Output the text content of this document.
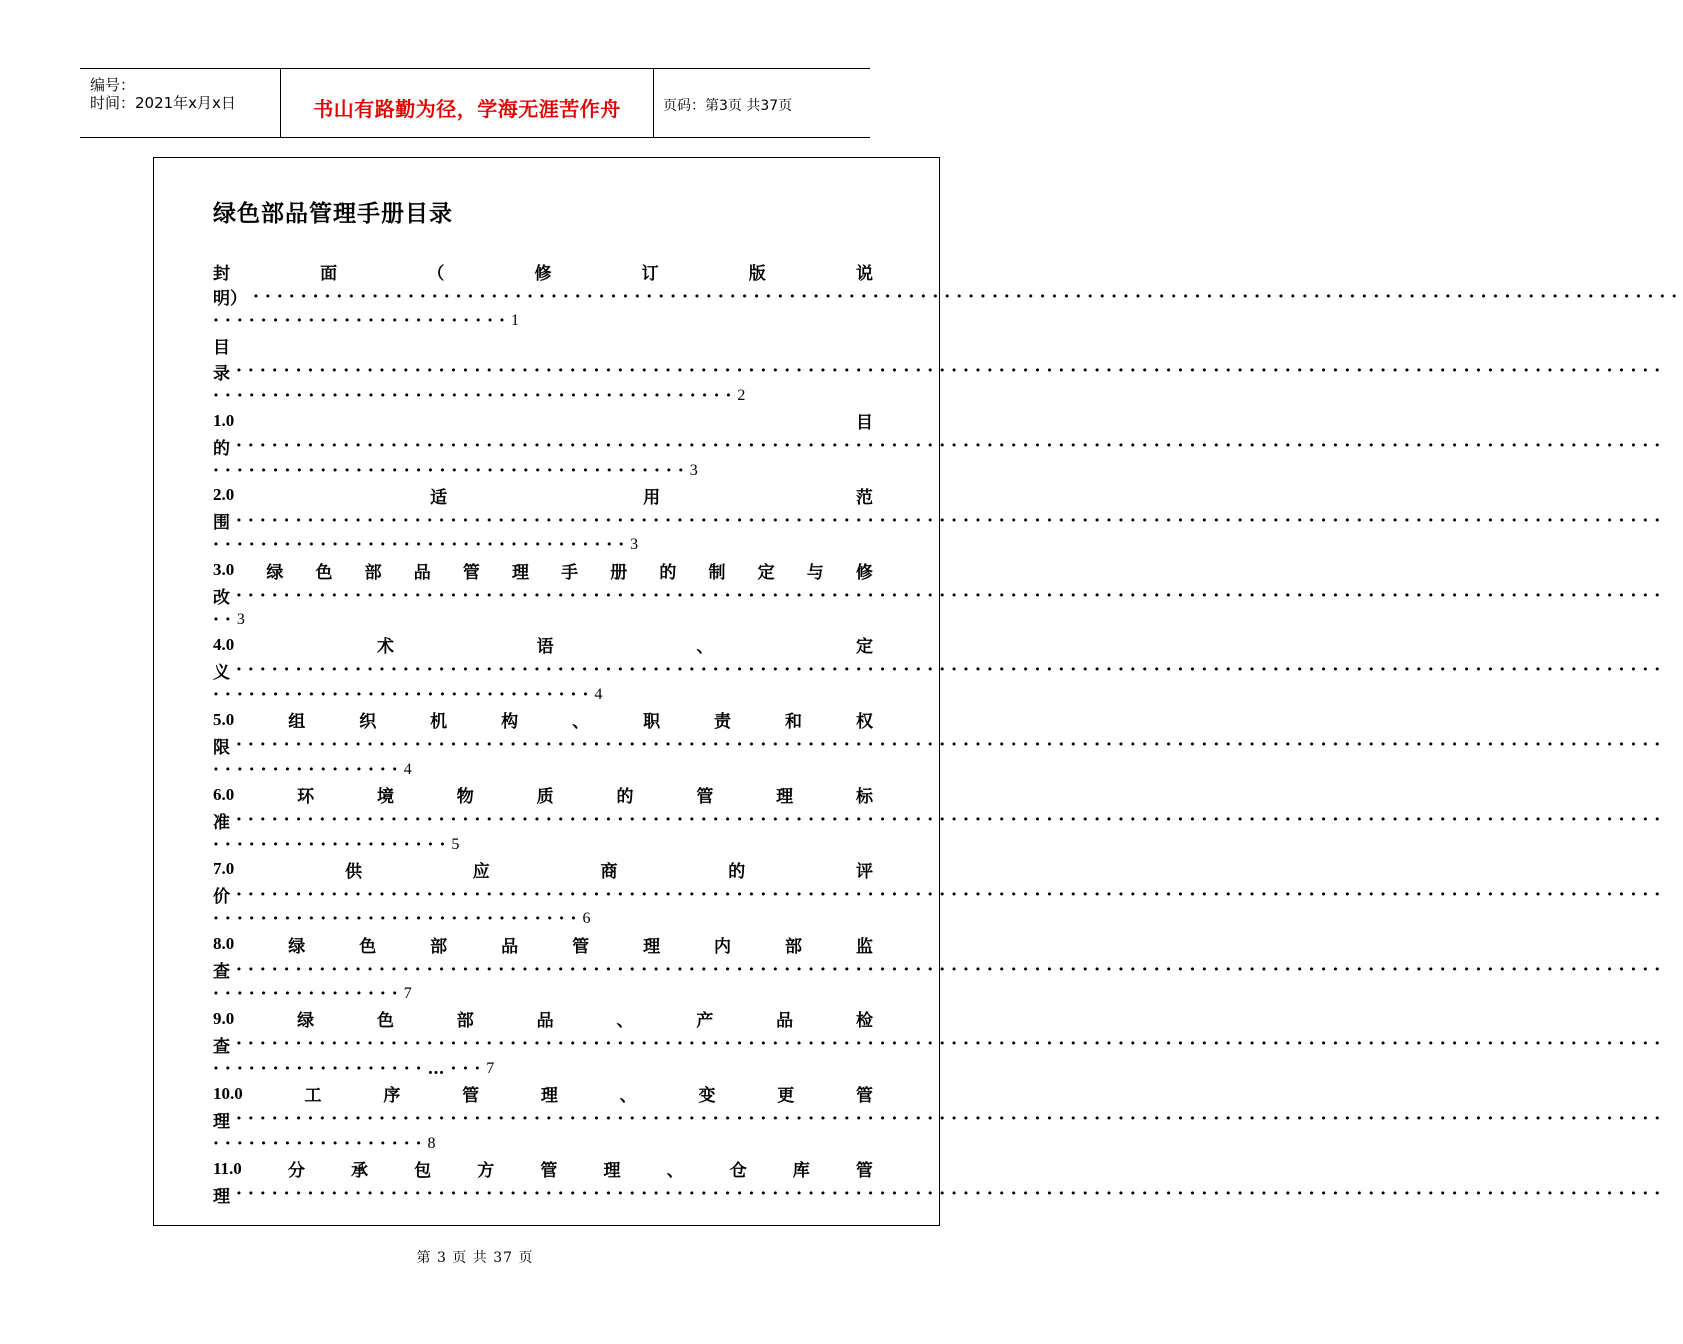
编号：
时间：2021年x月x日	书山有路勤为径，学海无涯苦作舟	页码：第3页 共37页
绿色部品管理手册目录
封	面	（	修	订	版	说
明） ························································································································
························· 1
目
录 ························································································································
············································ 2
1.0	目
的 ························································································································
········································ 3
2.0	适	用	范
围 ························································································································
··································· 3
3.0 绿 色 部 品 管 理 手 册 的 制 定 与 修
改 ························································································································
·· 3
4.0	术	语	、	定
义 ························································································································
································ 4
5.0	组	织	机	构	、	职	责	和	权
限 ························································································································
················ 4
6.0	环	境	物	质	的	管	理	标
准 ························································································································
···················· 5
7.0	供	应	商	的	评
价 ························································································································
······························· 6
8.0	绿	色	部	品	管	理	内	部	监
查 ························································································································
················ 7
9.0	绿	色	部	品	、	产	品	检
查 ························································································································
··················…··· 7
10.0	工	序	管	理	、	变	更	管
理 ························································································································
·················· 8
11.0	分	承	包	方	管	理	、	仓	库	管
理 ························································································································
第 3 页 共 37 页
